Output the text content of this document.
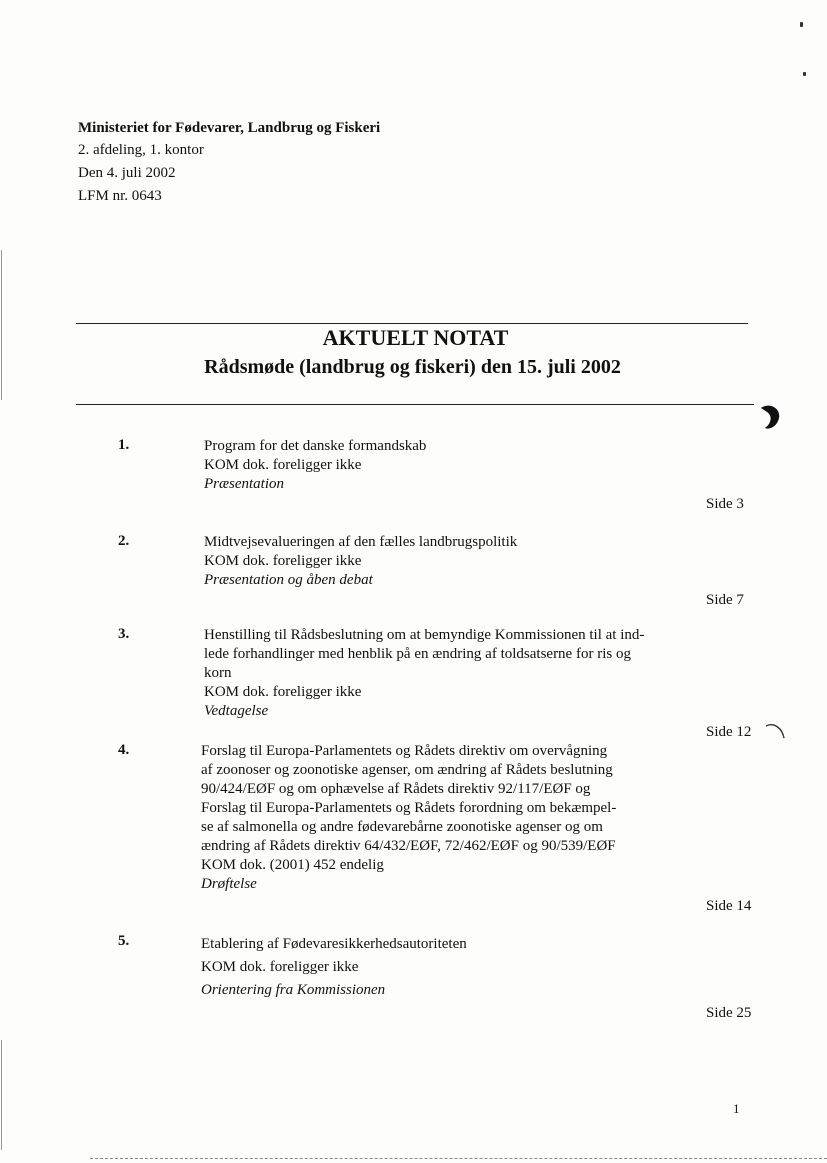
Ministeriet for Fødevarer, Landbrug og Fiskeri
2. afdeling, 1. kontor
Den 4. juli 2002
LFM nr. 0643
AKTUELT NOTAT
Rådsmøde (landbrug og fiskeri) den 15. juli 2002
1.	Program for det danske formandskab
KOM dok. foreligger ikke
Præsentation
Side 3
2.	Midtvejsevalueringen af den fælles landbrugspolitik
KOM dok. foreligger ikke
Præsentation og åben debat
Side 7
3.	Henstilling til Rådsbeslutning om at bemyndige Kommissionen til at ind-
lede forhandlinger med henblik på en ændring af toldsatserne for ris og
korn
KOM dok. foreligger ikke
Vedtagelse
Side 12
4.	Forslag til Europa-Parlamentets og Rådets direktiv om overvågning
af zoonoser og zoonotiske agenser, om ændring af Rådets beslutning
90/424/EØF og om ophævelse af Rådets direktiv 92/117/EØF og
Forslag til Europa-Parlamentets og Rådets forordning om bekæmpel-
se af salmonella og andre fødevarebårne zoonotiske agenser og om
ændring af Rådets direktiv 64/432/EØF, 72/462/EØF og 90/539/EØF
KOM dok. (2001) 452 endelig
Drøftelse
Side 14
5.	Etablering af Fødevaresikkerhedsautoriteten
KOM dok. foreligger ikke
Orientering fra Kommissionen
Side 25
1
